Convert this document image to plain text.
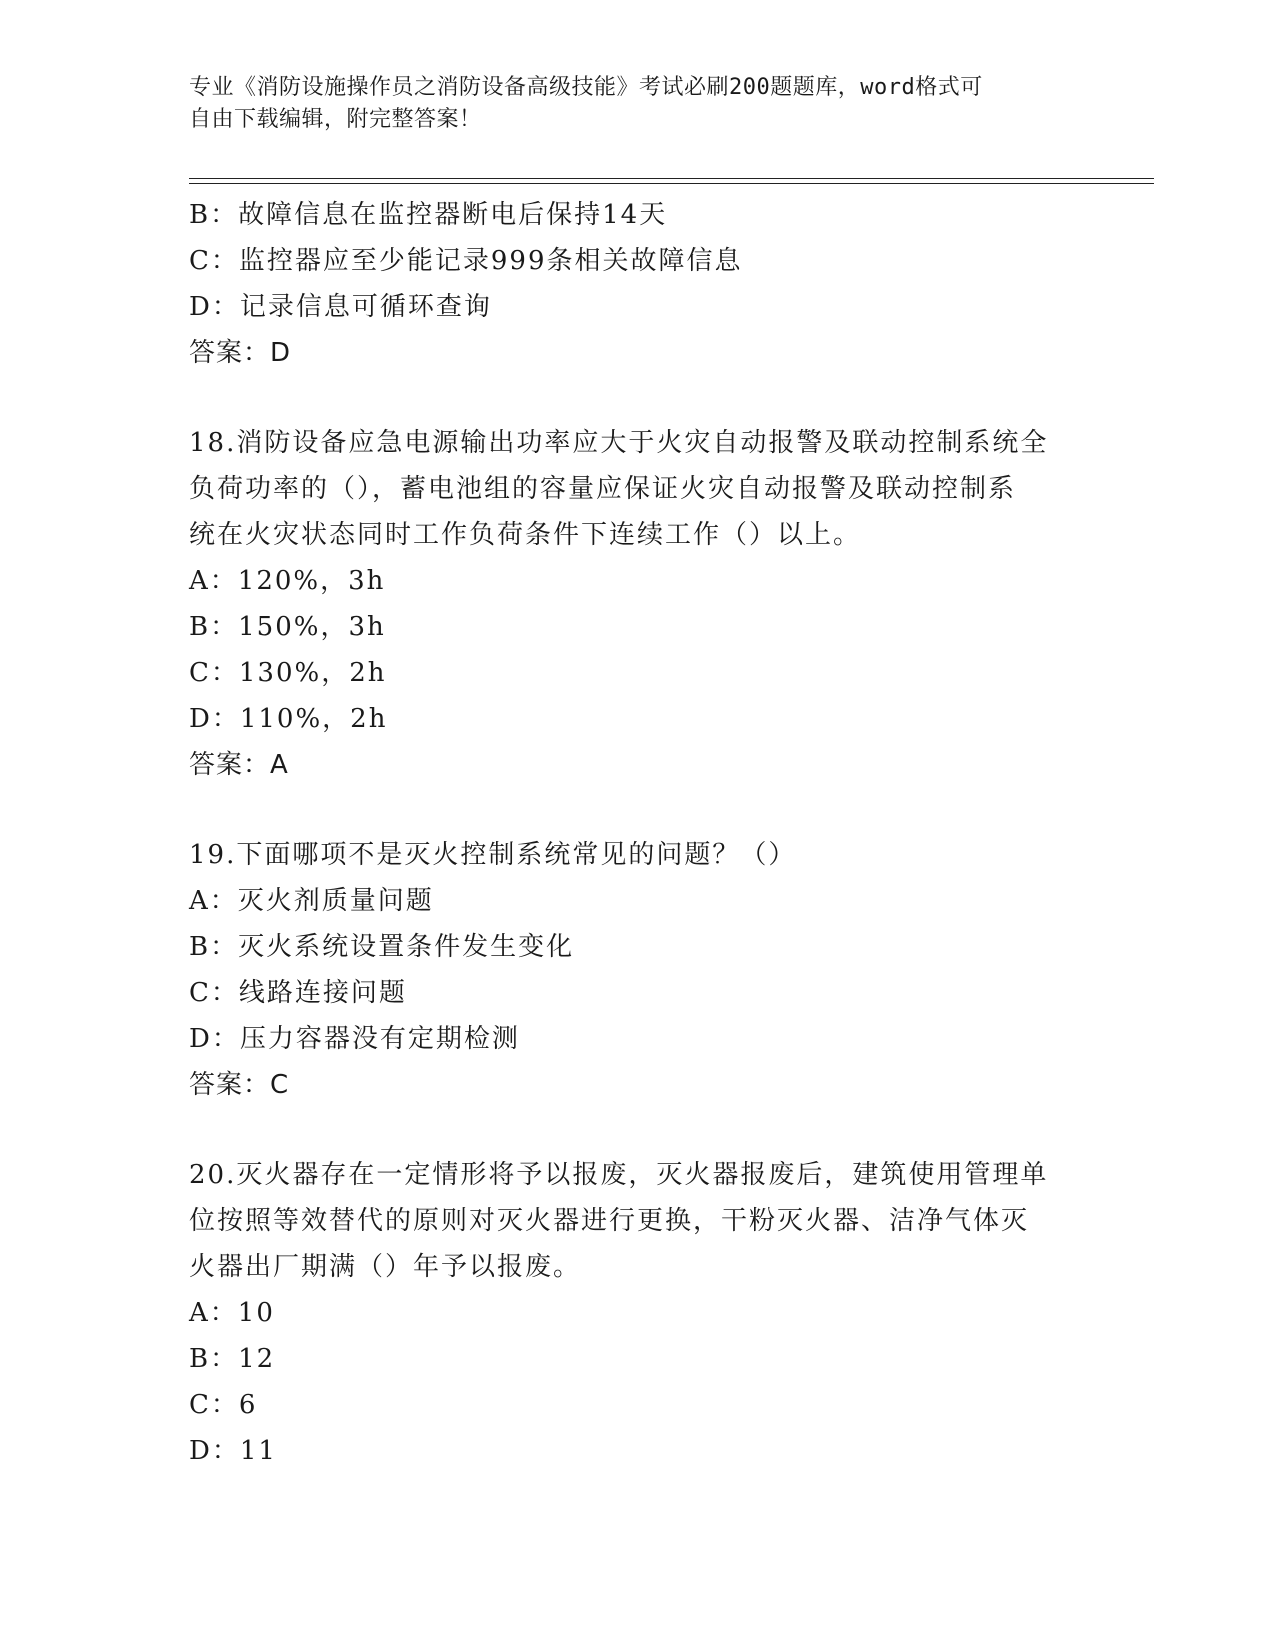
专业《消防设施操作员之消防设备高级技能》考试必刷200题题库，word格式可
自由下载编辑，附完整答案！
B：故障信息在监控器断电后保持14天
C：监控器应至少能记录999条相关故障信息
D：记录信息可循环查询
答案：D
18.消防设备应急电源输出功率应大于火灾自动报警及联动控制系统全
负荷功率的（），蓄电池组的容量应保证火灾自动报警及联动控制系
统在火灾状态同时工作负荷条件下连续工作（）以上。
A：120%，3h
B：150%，3h
C：130%，2h
D：110%，2h
答案：A
19.下面哪项不是灭火控制系统常见的问题？（）
A：灭火剂质量问题
B：灭火系统设置条件发生变化
C：线路连接问题
D：压力容器没有定期检测
答案：C
20.灭火器存在一定情形将予以报废，灭火器报废后，建筑使用管理单
位按照等效替代的原则对灭火器进行更换，干粉灭火器、洁净气体灭
火器出厂期满（）年予以报废。
A：10
B：12
C：6
D：11
